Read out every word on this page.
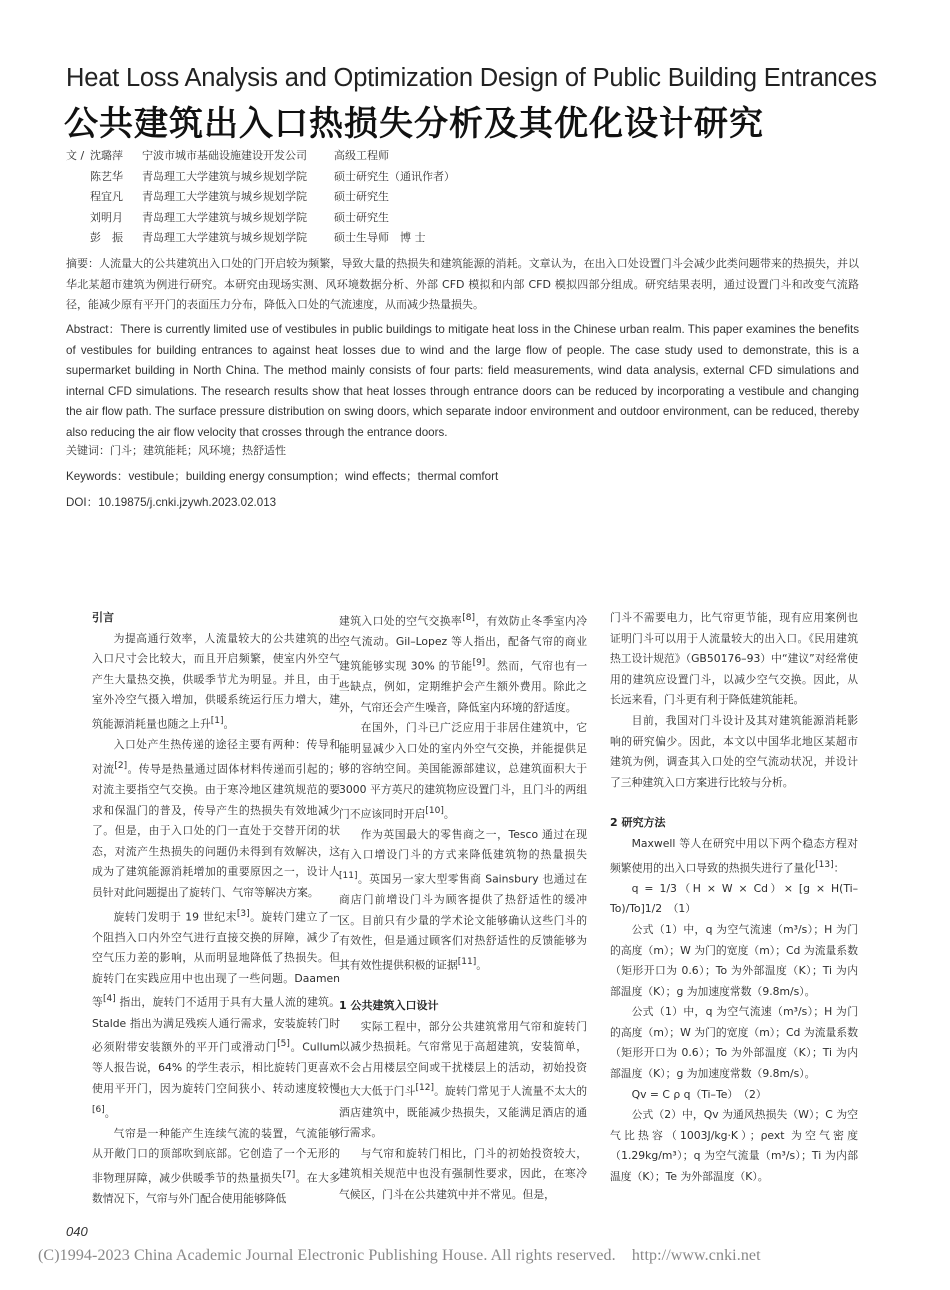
Heat Loss Analysis and Optimization Design of Public Building Entrances
公共建筑出入口热损失分析及其优化设计研究
文 / 沈璐萍	宁波市城市基础设施建设开发公司	高级工程师
陈艺华	青岛理工大学建筑与城乡规划学院	硕士研究生（通讯作者）
程宜凡	青岛理工大学建筑与城乡规划学院	硕士研究生
刘明月	青岛理工大学建筑与城乡规划学院	硕士研究生
彭　振	青岛理工大学建筑与城乡规划学院	硕士生导师　博 士
摘要：人流量大的公共建筑出入口处的门开启较为频繁，导致大量的热损失和建筑能源的消耗。文章认为，在出入口处设置门斗会减少此类问题带来的热损失，并以华北某超市建筑为例进行研究。本研究由现场实测、风环境数据分析、外部 CFD 模拟和内部 CFD 模拟四部分组成。研究结果表明，通过设置门斗和改变气流路径，能减少原有平开门的表面压力分布，降低入口处的气流速度，从而减少热量损失。
Abstract：There is currently limited use of vestibules in public buildings to mitigate heat loss in the Chinese urban realm. This paper examines the benefits of vestibules for building entrances to against heat losses due to wind and the large flow of people. The case study used to demonstrate, this is a supermarket building in North China. The method mainly consists of four parts: field measurements, wind data analysis, external CFD simulations and internal CFD simulations. The research results show that heat losses through entrance doors can be reduced by incorporating a vestibule and changing the air flow path. The surface pressure distribution on swing doors, which separate indoor environment and outdoor environment, can be reduced, thereby also reducing the air flow velocity that crosses through the entrance doors.
关键词：门斗；建筑能耗；风环境；热舒适性
Keywords：vestibule；building energy consumption；wind effects；thermal comfort
DOI：10.19875/j.cnki.jzywh.2023.02.013
引言

为提高通行效率，人流量较大的公共建筑的出入口尺寸会比较大，而且开启频繁，使室内外空气产生大量热交换，供暖季节尤为明显。并且，由于室外冷空气摄入增加，供暖系统运行压力增大，建筑能源消耗量也随之上升[1]。

入口处产生热传递的途径主要有两种：传导和对流[2]。传导是热量通过固体材料传递而引起的；对流主要指空气交换。由于寒冷地区建筑规范的要求和保温门的普及，传导产生的热损失有效地减少了。但是，由于入口处的门一直处于交替开闭的状态，对流产生热损失的问题仍未得到有效解决，这成为了建筑能源消耗增加的重要原因之一，设计人员针对此问题提出了旋转门、气帘等解决方案。

旋转门发明于 19 世纪末[3]。旋转门建立了一个阻挡入口内外空气进行直接交换的屏障，减少了空气压力差的影响，从而明显地降低了热损失。但旋转门在实践应用中也出现了一些问题。Daamen 等[4] 指出，旋转门不适用于具有大量人流的建筑。Stalde 指出为满足残疾人通行需求，安装旋转门时必须附带安装额外的平开门或滑动门[5]。Cullum 等人报告说，64% 的学生表示，相比旋转门更喜欢使用平开门，因为旋转门空间狭小、转动速度较慢[6]。

气帘是一种能产生连续气流的装置，气流能够从开敞门口的顶部吹到底部。它创造了一个无形的非物理屏障，减少供暖季节的热量损失[7]。在大多数情况下，气帘与外门配合使用能够降低

建筑入口处的空气交换率[8]，有效防止冬季室内冷空气流动。Gil–Lopez 等人指出，配备气帘的商业建筑能够实现 30% 的节能[9]。然而，气帘也有一些缺点，例如，定期维护会产生额外费用。除此之外，气帘还会产生噪音，降低室内环境的舒适度。

在国外，门斗已广泛应用于非居住建筑中，它能明显减少入口处的室内外空气交换，并能提供足够的容纳空间。美国能源部建议，总建筑面积大于 3000 平方英尺的建筑物应设置门斗，且门斗的两组门不应该同时开启[10]。

作为英国最大的零售商之一，Tesco 通过在现有入口增设门斗的方式来降低建筑物的热量损失[11]。英国另一家大型零售商 Sainsbury 也通过在商店门前增设门斗为顾客提供了热舒适性的缓冲区。目前只有少量的学术论文能够确认这些门斗的有效性，但是通过顾客们对热舒适性的反馈能够为其有效性提供积极的证据[11]。

1 公共建筑入口设计

实际工程中，部分公共建筑常用气帘和旋转门以减少热损耗。气帘常见于高超建筑，安装简单，不会占用楼层空间或干扰楼层上的活动，初始投资也大大低于门斗[12]。旋转门常见于人流量不太大的酒店建筑中，既能减少热损失，又能满足酒店的通行需求。

与气帘和旋转门相比，门斗的初始投资较大，建筑相关规范中也没有强制性要求，因此，在寒冷气候区，门斗在公共建筑中并不常见。但是，

门斗不需要电力，比气帘更节能，现有应用案例也证明门斗可以用于人流量较大的出入口。《民用建筑热工设计规范》（GB50176–93）中“建议”对经常使用的建筑应设置门斗，以减少空气交换。因此，从长远来看，门斗更有利于降低建筑能耗。

目前，我国对门斗设计及其对建筑能源消耗影响的研究偏少。因此，本文以中国华北地区某超市建筑为例，调查其入口处的空气流动状况，并设计了三种建筑入口方案进行比较与分析。

2 研究方法

Maxwell 等人在研究中用以下两个稳态方程对频繁使用的出入口导致的热损失进行了量化[13]：

q = 1/3（H × W × Cd）× [g × H(Ti–To)/To]1/2　（1）

公式（1）中，q 为空气流速（m³/s）；H 为门的高度（m）；W 为门的宽度（m）；Cd 为流量系数（矩形开口为 0.6）；To 为外部温度（K）；Ti 为内部温度（K）；g 为加速度常数（9.8m/s）。

公式（1）中，q 为空气流速（m³/s）；H 为门的高度（m）；W 为门的宽度（m）；Cd 为流量系数（矩形开口为 0.6）；To 为外部温度（K）；Ti 为内部温度（K）；g 为加速度常数（9.8m/s）。

Qv = C ρ q（Ti–Te）　（2）

公式（2）中，Qv 为通风热损失（W）；C 为空气比热容（1003J/kg·K）；ρext 为空气密度（1.29kg/m³）；q 为空气流量（m³/s）；Ti 为内部温度（K）；Te 为外部温度（K）。

040
(C)1994-2023 China Academic Journal Electronic Publishing House. All rights reserved.　http://www.cnki.net
